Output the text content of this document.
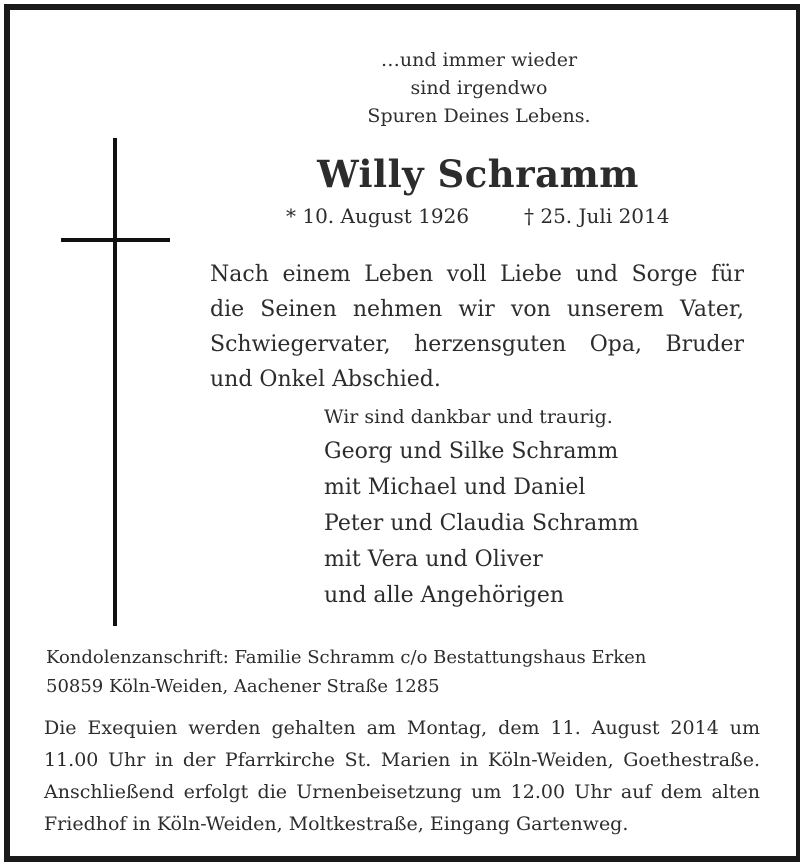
…und immer wieder
sind irgendwo
Spuren Deines Lebens.
Willy Schramm
* 10. August 1926	† 25. Juli 2014
Nach einem Leben voll Liebe und Sorge für
die Seinen nehmen wir von unserem Vater,
Schwiegervater, herzensguten Opa, Bruder
und Onkel Abschied.
Wir sind dankbar und traurig.
Georg und Silke Schramm
mit Michael und Daniel
Peter und Claudia Schramm
mit Vera und Oliver
und alle Angehörigen
Kondolenzanschrift: Familie Schramm c/o Bestattungshaus Erken
50859 Köln-Weiden, Aachener Straße 1285
Die Exequien werden gehalten am Montag, dem 11. August 2014 um
11.00 Uhr in der Pfarrkirche St. Marien in Köln-Weiden, Goethestraße.
Anschließend erfolgt die Urnenbeisetzung um 12.00 Uhr auf dem alten
Friedhof in Köln-Weiden, Moltkestraße, Eingang Gartenweg.
